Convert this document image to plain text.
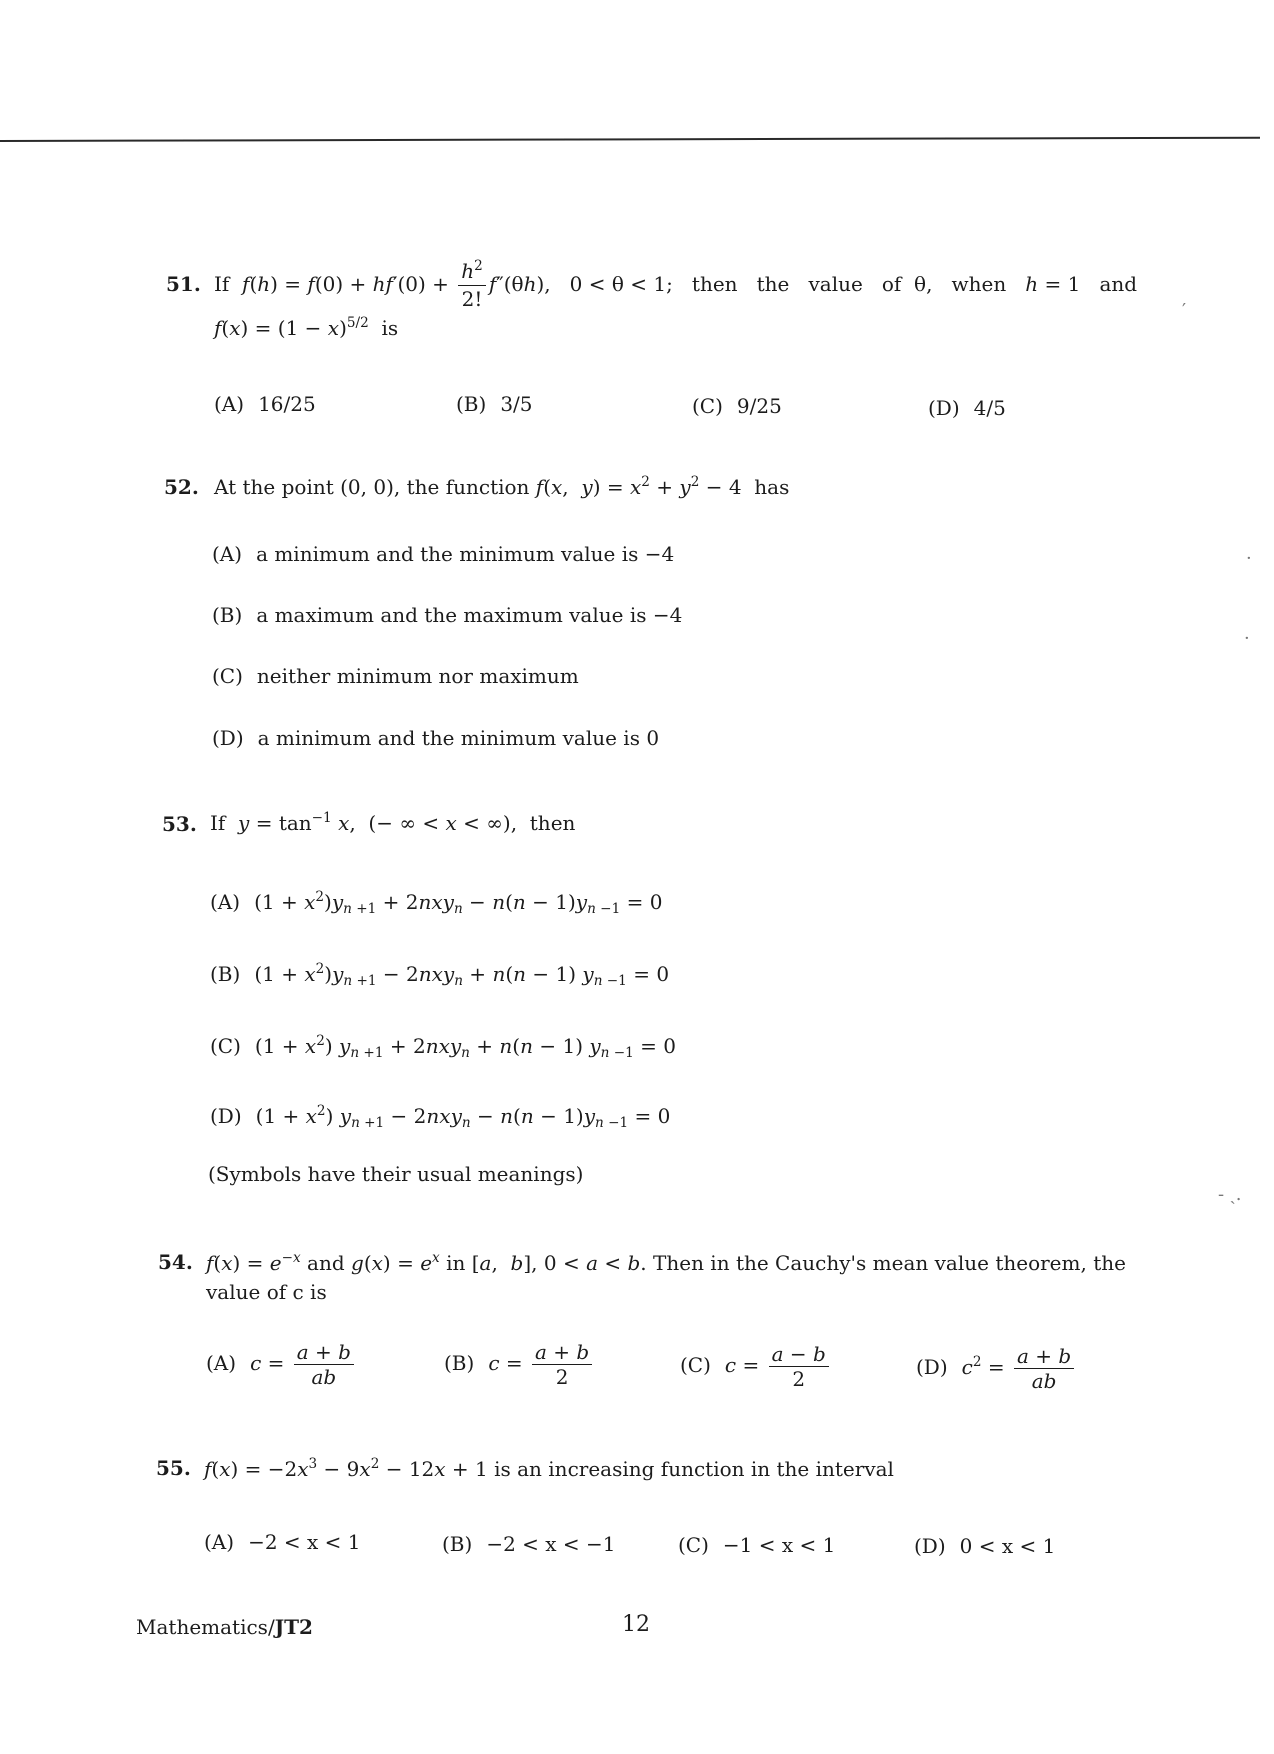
51. If  $f(h) = f(0) + hf'(0) + \frac{h^2}{2!} f''(\theta h)$,   0 < θ < 1;   then   the   value   of  θ,   when   h = 1   and
$f(x) = (1 - x)^{5/2}$ is
(A) 16/25	(B) 3/5	(C) 9/25	(D) 4/5
52. At the point (0, 0), the function f(x,  $y) = x^2 + y^2 - 4$  has
(A) a minimum and the minimum value is −4
(B) a maximum and the maximum value is −4
(C) neither minimum nor maximum
(D) a minimum and the minimum value is 0
53. If  $y = \tan^{-1} x$,  (− ∞ < x < ∞),  then
(A) $(1 + x^2)y_{n +1} + 2nxy_n - n(n - 1)y_{n -1} = 0$
(B) $(1 + x^2)y_{n +1} - 2nxy_n + n(n - 1)$ $y_{n -1} = 0$
(C) $(1 + x^2)$ $y_{n +1} + 2nxy_n + n(n - 1) y_{n -1} = 0$
(D) $(1 + x^2)$ $y_{n +1} - 2nxy_n - n(n - 1)y_{n -1} = 0$
(Symbols have their usual meanings)
54. $f(x) = e^{-x}$ and $g(x) = e^x$ in [a,  b], 0 < a < b. Then in the Cauchy's mean value theorem, the
value of c is
(A) $c = \frac{a + b}{ab}$	(B) $c = \frac{a + b}{2}$	(C) $c = \frac{a - b}{2}$	(D) $c^2 = \frac{a + b}{ab}$
55. $f(x) = -2x^3 - 9x^2 - 12x + 1$ is an increasing function in the interval
(A) −2 < x < 1	(B) −2 < x < −1	(C) −1 < x < 1	(D) 0 < x < 1
Mathematics/JT2	12
′
·
·
‐ ˎ.
